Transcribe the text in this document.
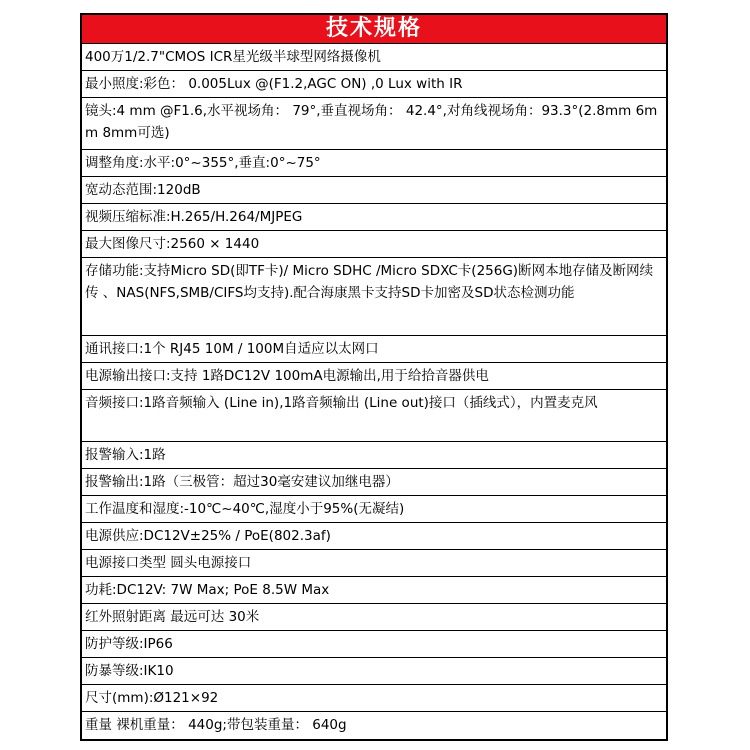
技术规格
400万1/2.7"CMOS ICR星光级半球型网络摄像机
最小照度:彩色： 0.005Lux @(F1.2,AGC ON) ,0 Lux with IR
镜头:4 mm @F1.6,水平视场角： 79°,垂直视场角： 42.4°,对角线视场角：93.3°(2.8mm 6mm 8mm可选)
调整角度:水平:0°~355°,垂直:0°~75°
宽动态范围:120dB
视频压缩标准:H.265/H.264/MJPEG
最大图像尺寸:2560 × 1440
存储功能:支持Micro SD(即TF卡)/ Micro SDHC /Micro SDXC卡(256G)断网本地存储及断网续传 、NAS(NFS,SMB/CIFS均支持).配合海康黑卡支持SD卡加密及SD状态检测功能
通讯接口:1个 RJ45 10M / 100M自适应以太网口
电源输出接口:支持 1路DC12V 100mA电源输出,用于给拾音器供电
音频接口:1路音频输入 (Line in),1路音频输出 (Line out)接口（插线式），内置麦克风
报警输入:1路
报警输出:1路（三极管：超过30毫安建议加继电器）
工作温度和湿度:-10℃~40℃,湿度小于95%(无凝结)
电源供应:DC12V±25% / PoE(802.3af)
电源接口类型 圆头电源接口
功耗:DC12V: 7W Max; PoE 8.5W Max
红外照射距离 最远可达 30米
防护等级:IP66
防暴等级:IK10
尺寸(mm):Ø121×92
重量 裸机重量： 440g;带包装重量： 640g
